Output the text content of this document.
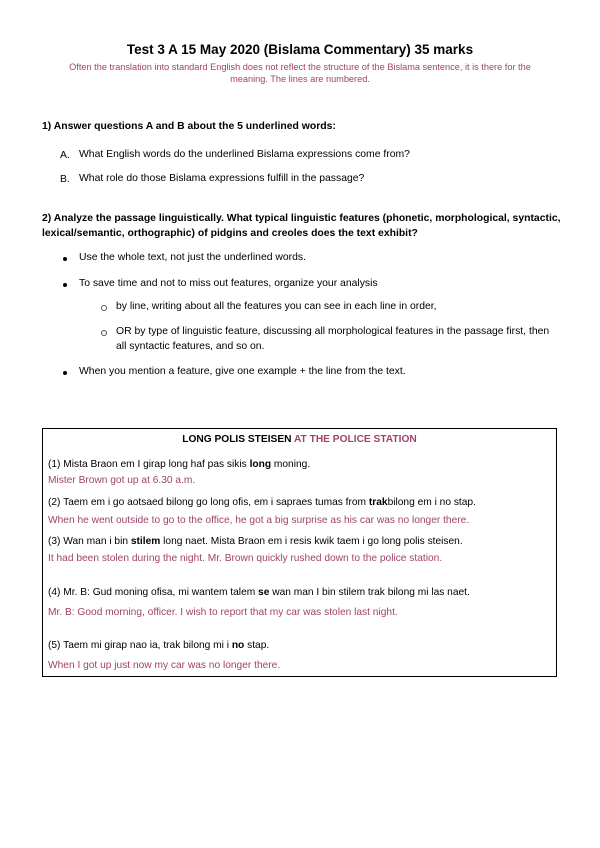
Test 3 A 15 May 2020 (Bislama Commentary) 35 marks
Often the translation into standard English does not reflect the structure of the Bislama sentence, it is there for the meaning. The lines are numbered.
1) Answer questions A and B about the 5 underlined words:
A. What English words do the underlined Bislama expressions come from?
B. What role do those Bislama expressions fulfill in the passage?
2) Analyze the passage linguistically. What typical linguistic features (phonetic, morphological, syntactic, lexical/semantic, orthographic) of pidgins and creoles does the text exhibit?
Use the whole text, not just the underlined words.
To save time and not to miss out features, organize your analysis
by line, writing about all the features you can see in each line in order,
OR by type of linguistic feature, discussing all morphological features in the passage first, then all syntactic features, and so on.
When you mention a feature, give one example + the line from the text.
LONG POLIS STEISEN AT THE POLICE STATION
(1) Mista Braon em I girap long haf pas sikis long moning.
Mister Brown got up at 6.30 a.m.
(2) Taem em i go aotsaed bilong go long ofis, em i sapraes tumas from trakbilong em i no stap.
When he went outside to go to the office, he got a big surprise as his car was no longer there.
(3) Wan man i bin stilem long naet. Mista Braon em i resis kwik taem i go long polis steisen.
It had been stolen during the night. Mr. Brown quickly rushed down to the police station.
(4) Mr. B: Gud moning ofisa, mi wantem talem se wan man I bin stilem trak bilong mi las naet.
Mr. B: Good morning, officer. I wish to report that my car was stolen last night.
(5) Taem mi girap nao ia, trak bilong mi i no stap.
When I got up just now my car was no longer there.
